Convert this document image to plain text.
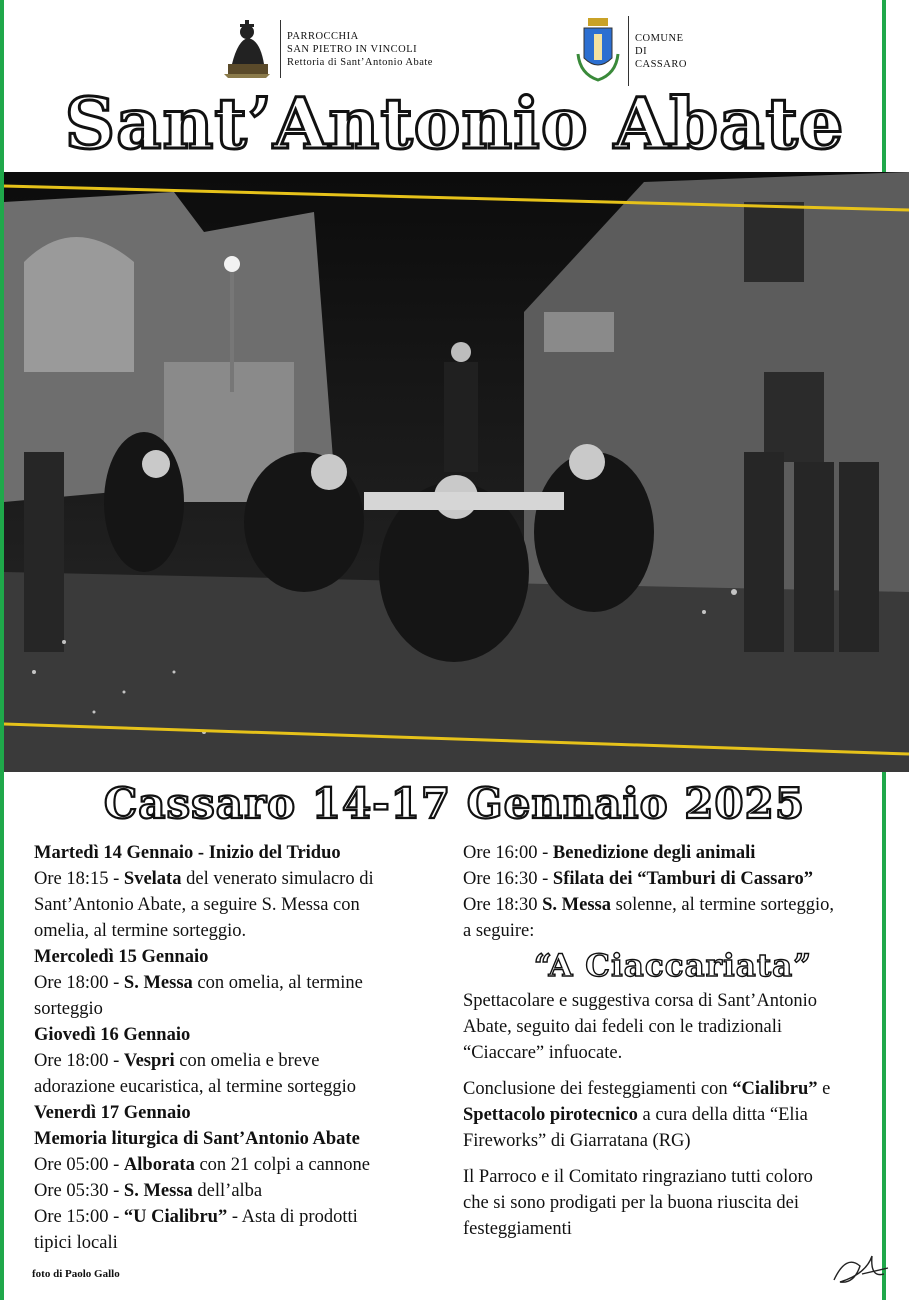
PARROCCHIA
SAN PIETRO IN VINCOLI
Rettoria di Sant’Antonio Abate
COMUNE
DI
CASSARO
Sant’Antonio Abate
Cassaro 14-17 Gennaio 2025
Martedì 14 Gennaio - Inizio del Triduo
Ore 18:15 - Svelata del venerato simulacro di
Sant’Antonio Abate, a seguire S. Messa con
omelia, al termine sorteggio.
Mercoledì 15 Gennaio
Ore 18:00 - S. Messa con omelia, al termine
sorteggio
Giovedì 16 Gennaio
Ore 18:00 - Vespri con omelia e breve
adorazione eucaristica, al termine sorteggio
Venerdì 17 Gennaio
Memoria liturgica di Sant’Antonio Abate
Ore 05:00 - Alborata con 21 colpi a cannone
Ore 05:30 - S. Messa dell’alba
Ore 15:00 - “U Cialibru” - Asta di prodotti
tipici locali
Ore 16:00 - Benedizione degli animali
Ore 16:30 - Sfilata dei “Tamburi di Cassaro”
Ore 18:30 S. Messa solenne, al termine sorteggio,
a seguire:
“A Ciaccariata”
Spettacolare e suggestiva corsa di Sant’Antonio
Abate, seguito dai fedeli con le tradizionali
“Ciaccare” infuocate.
Conclusione dei festeggiamenti con “Cialibru” e
Spettacolo pirotecnico a cura della ditta “Elia
Fireworks” di Giarratana (RG)
Il Parroco e il Comitato ringraziano tutti coloro
che si sono prodigati per la buona riuscita dei
festeggiamenti
foto di Paolo Gallo
